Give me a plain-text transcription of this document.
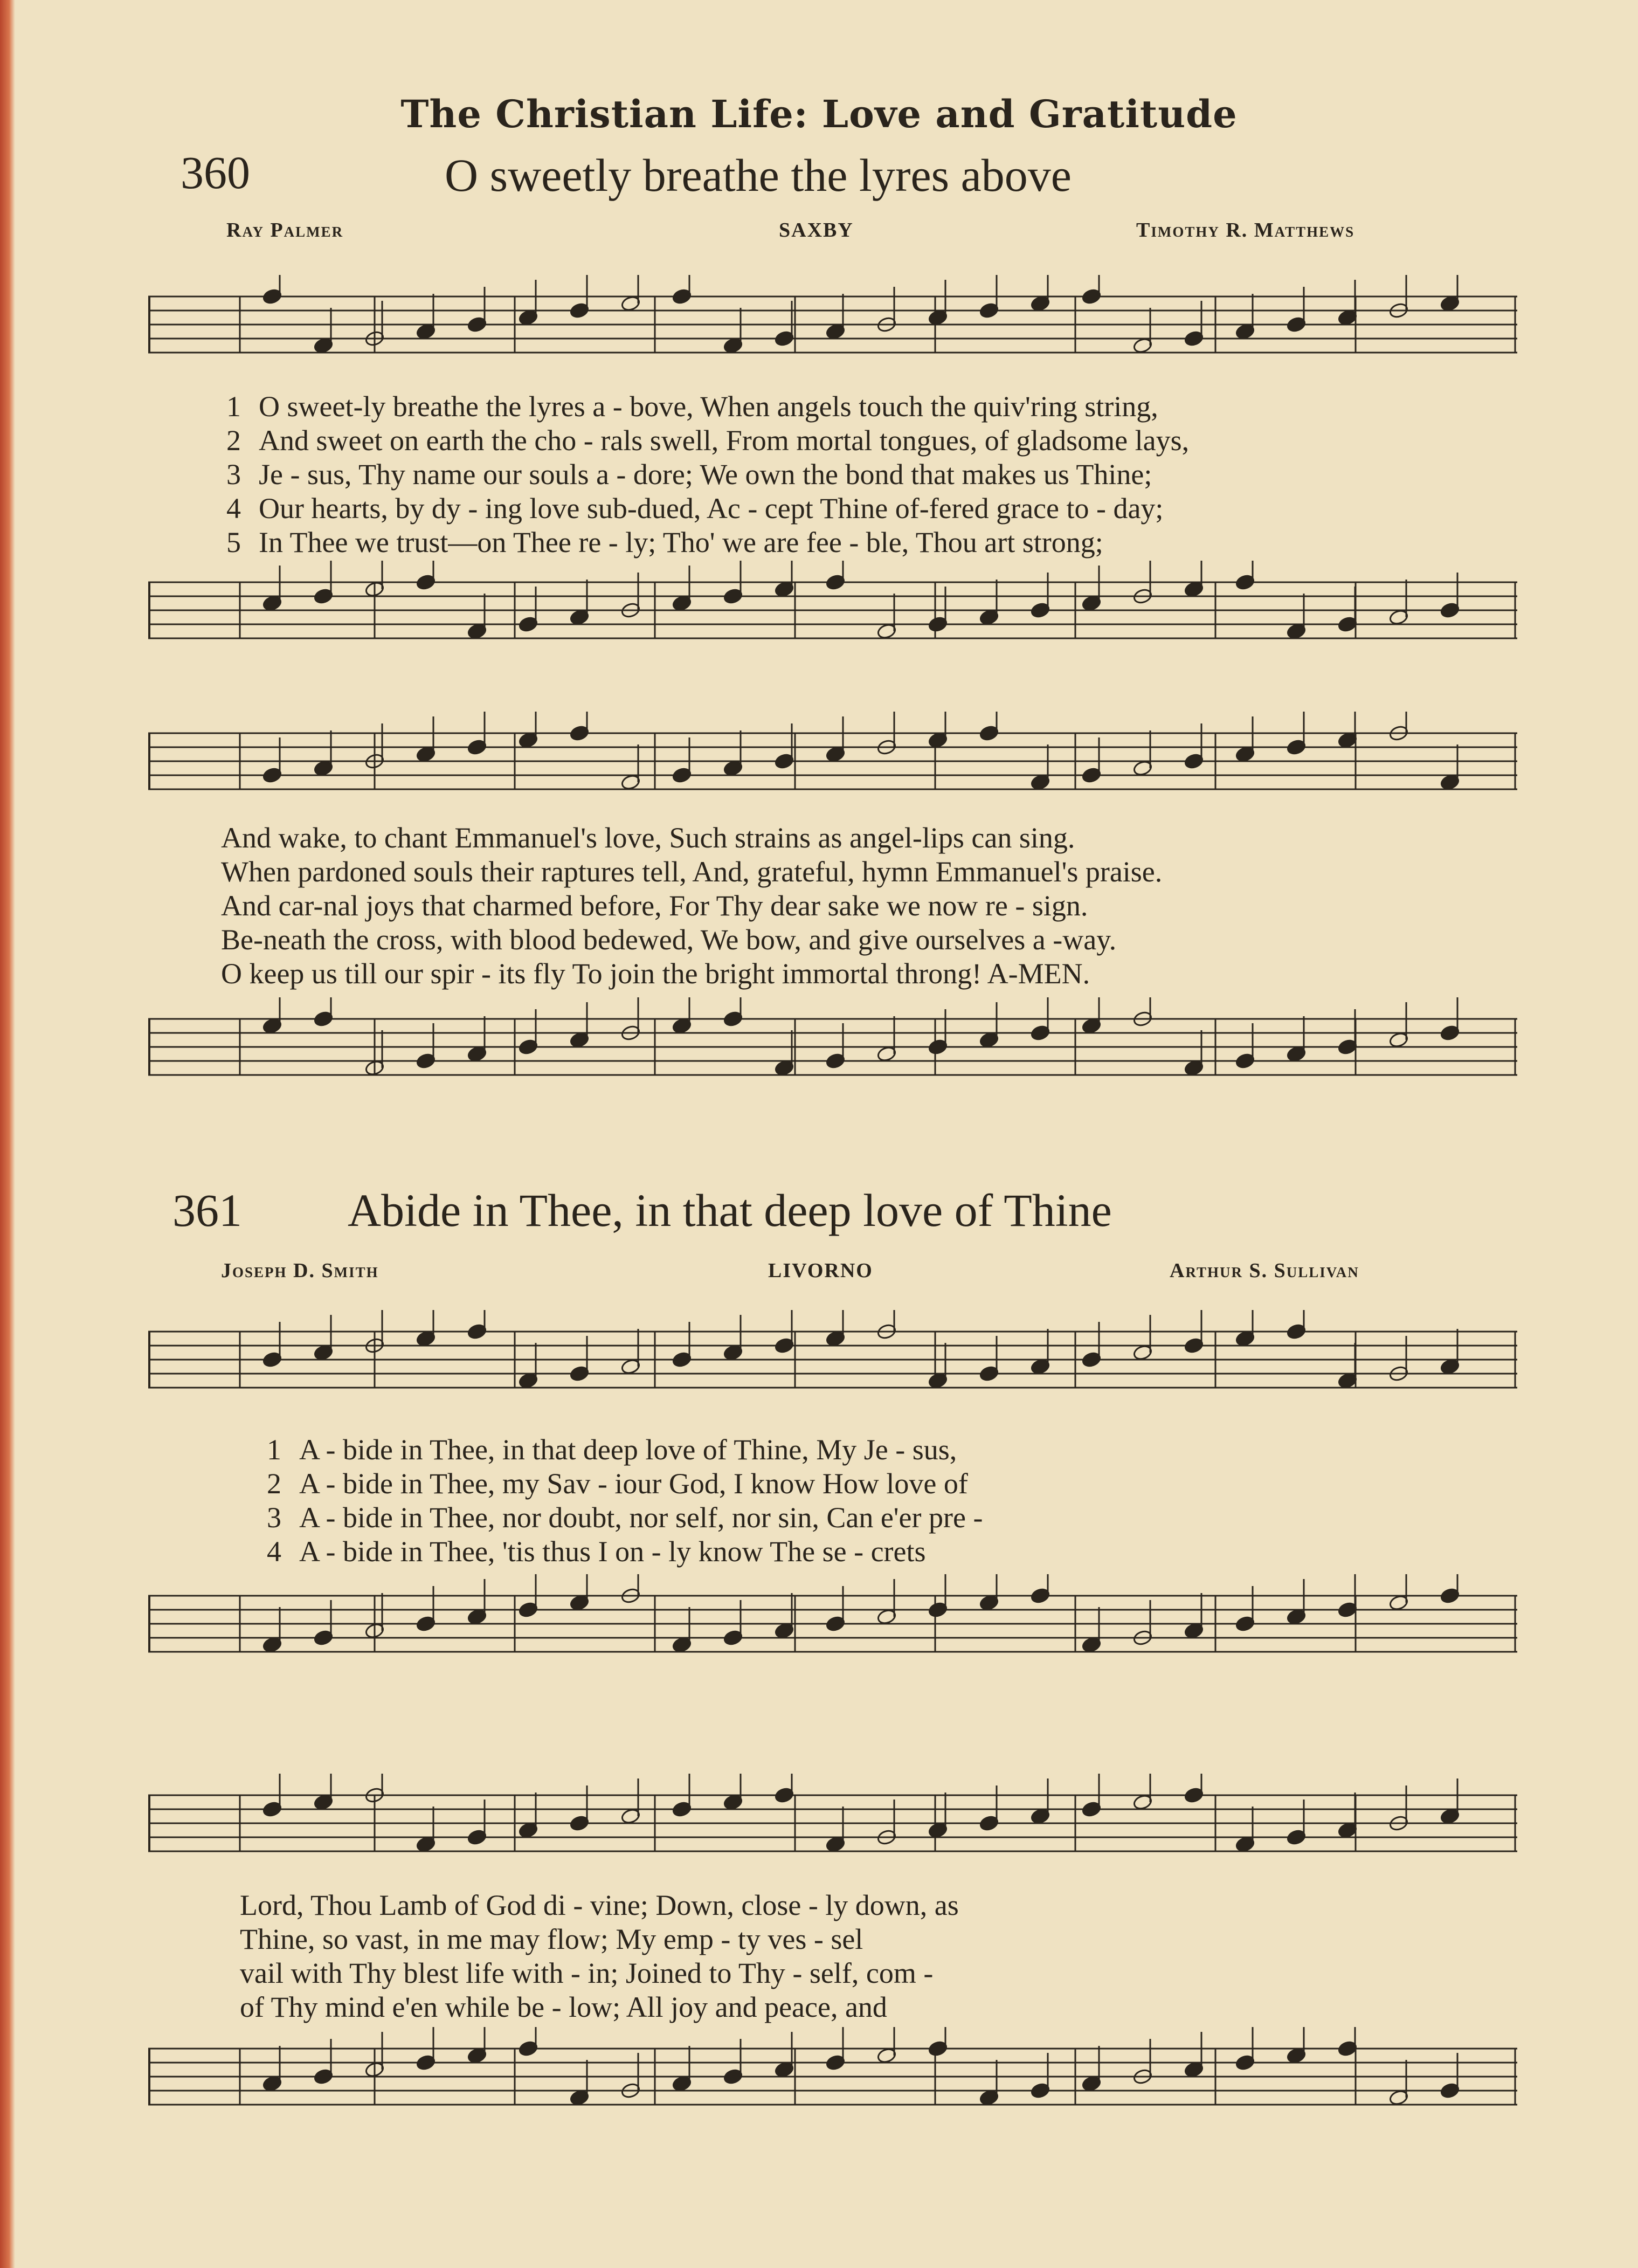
The Christian Life: Love and Gratitude
360	O sweetly breathe the lyres above
Ray Palmer	SAXBY	Timothy R. Matthews
1 O sweet-ly breathe the lyres a - bove, When angels touch the quiv'ring string,
2 And sweet on earth the cho - rals swell, From mortal tongues, of gladsome lays,
3 Je - sus, Thy name our souls a - dore; We own the bond that makes us Thine;
4 Our hearts, by dy - ing love sub-dued, Ac - cept Thine of-fered grace to - day;
5 In Thee we trust—on Thee re - ly; Tho' we are fee - ble, Thou art strong;
And wake, to chant Emmanuel's love, Such strains as angel-lips can sing.
When pardoned souls their raptures tell, And, grateful, hymn Emmanuel's praise.
And car-nal joys that charmed before, For Thy dear sake we now re - sign.
Be-neath the cross, with blood bedewed, We bow, and give ourselves a -way.
O keep us till our spir - its fly To join the bright immortal throng! A-MEN.
361 Abide in Thee, in that deep love of Thine
Joseph D. Smith	LIVORNO	Arthur S. Sullivan
1 A - bide in Thee, in that deep love of Thine, My Je - sus,
2 A - bide in Thee, my Sav - iour God, I know How love of
3 A - bide in Thee, nor doubt, nor self, nor sin, Can e'er pre -
4 A - bide in Thee, 'tis thus I on - ly know The se - crets
Lord, Thou Lamb of God di - vine; Down, close - ly down, as
Thine, so vast, in me may flow; My emp - ty ves - sel
vail with Thy blest life with - in; Joined to Thy - self, com -
of Thy mind e'en while be - low; All joy and peace, and
